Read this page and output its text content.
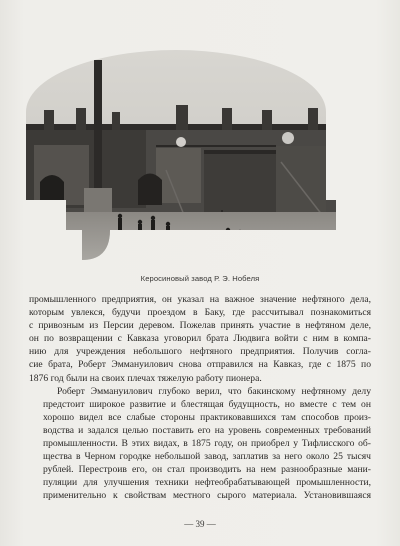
Керосиновый завод Р. Э. Нобеля

промышленного предприятия, он указал на важное значение нефтяного дела,
которым увлекся, будучи проездом в Баку, где рассчитывал познакомиться
с привозным из Персии деревом. Пожелав принять участие в нефтяном деле,
он по возвращении с Кавказа уговорил брата Людвига войти с ним в компа-
нию для учреждения небольшого нефтяного предприятия. Получив согла-
сие брата, Роберт Эммануилович снова отправился на Кавказ, где с 1875 по
1876 год были на своих плечах тяжелую работу пионера.

Роберт Эммануилович глубоко верил, что бакинскому нефтяному делу
предстоит широкое развитие и блестящая будущность, но вместе с тем он
хорошо видел все слабые стороны практиковавшихся там способов произ-
водства и задался целью поставить его на уровень современных требований
промышленности. В этих видах, в 1875 году, он приобрел у Тифлисского об-
щества в Черном городке небольшой завод, заплатив за него около 25 тысяч
рублей. Перестроив его, он стал производить на нем разнообразные мани-
пуляции для улучшения техники нефтеобрабатывающей промышленности,
применительно к свойствам местного сырого материала. Установившаяся

— 39 —
